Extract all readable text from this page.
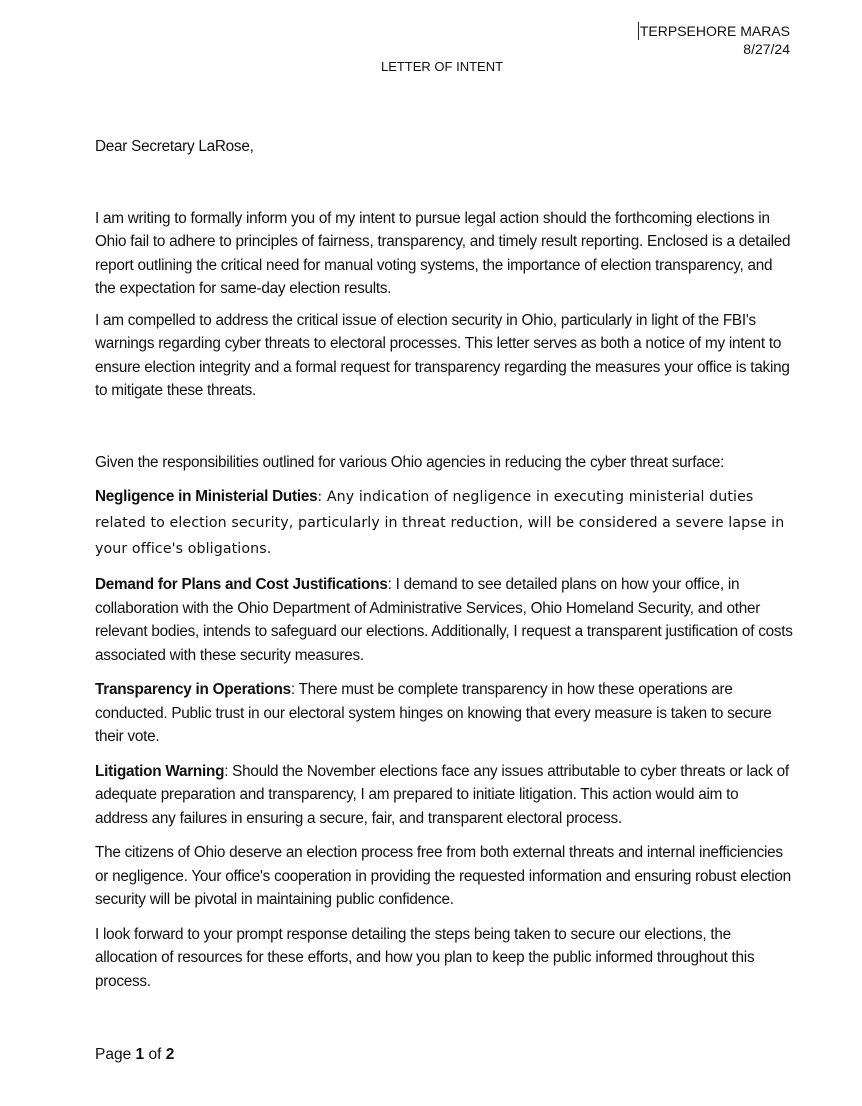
TERPSEHORE MARAS
8/27/24
LETTER OF INTENT

Dear Secretary LaRose,

I am writing to formally inform you of my intent to pursue legal action should the forthcoming elections in Ohio fail to adhere to principles of fairness, transparency, and timely result reporting. Enclosed is a detailed report outlining the critical need for manual voting systems, the importance of election transparency, and the expectation for same-day election results.

I am compelled to address the critical issue of election security in Ohio, particularly in light of the FBI's warnings regarding cyber threats to electoral processes. This letter serves as both a notice of my intent to ensure election integrity and a formal request for transparency regarding the measures your office is taking to mitigate these threats.

Given the responsibilities outlined for various Ohio agencies in reducing the cyber threat surface:

Negligence in Ministerial Duties: Any indication of negligence in executing ministerial duties related to election security, particularly in threat reduction, will be considered a severe lapse in your office's obligations.

Demand for Plans and Cost Justifications: I demand to see detailed plans on how your office, in collaboration with the Ohio Department of Administrative Services, Ohio Homeland Security, and other relevant bodies, intends to safeguard our elections. Additionally, I request a transparent justification of costs associated with these security measures.

Transparency in Operations: There must be complete transparency in how these operations are conducted. Public trust in our electoral system hinges on knowing that every measure is taken to secure their vote.

Litigation Warning: Should the November elections face any issues attributable to cyber threats or lack of adequate preparation and transparency, I am prepared to initiate litigation. This action would aim to address any failures in ensuring a secure, fair, and transparent electoral process.

The citizens of Ohio deserve an election process free from both external threats and internal inefficiencies or negligence. Your office's cooperation in providing the requested information and ensuring robust election security will be pivotal in maintaining public confidence.

I look forward to your prompt response detailing the steps being taken to secure our elections, the allocation of resources for these efforts, and how you plan to keep the public informed throughout this process.

Page 1 of 2
